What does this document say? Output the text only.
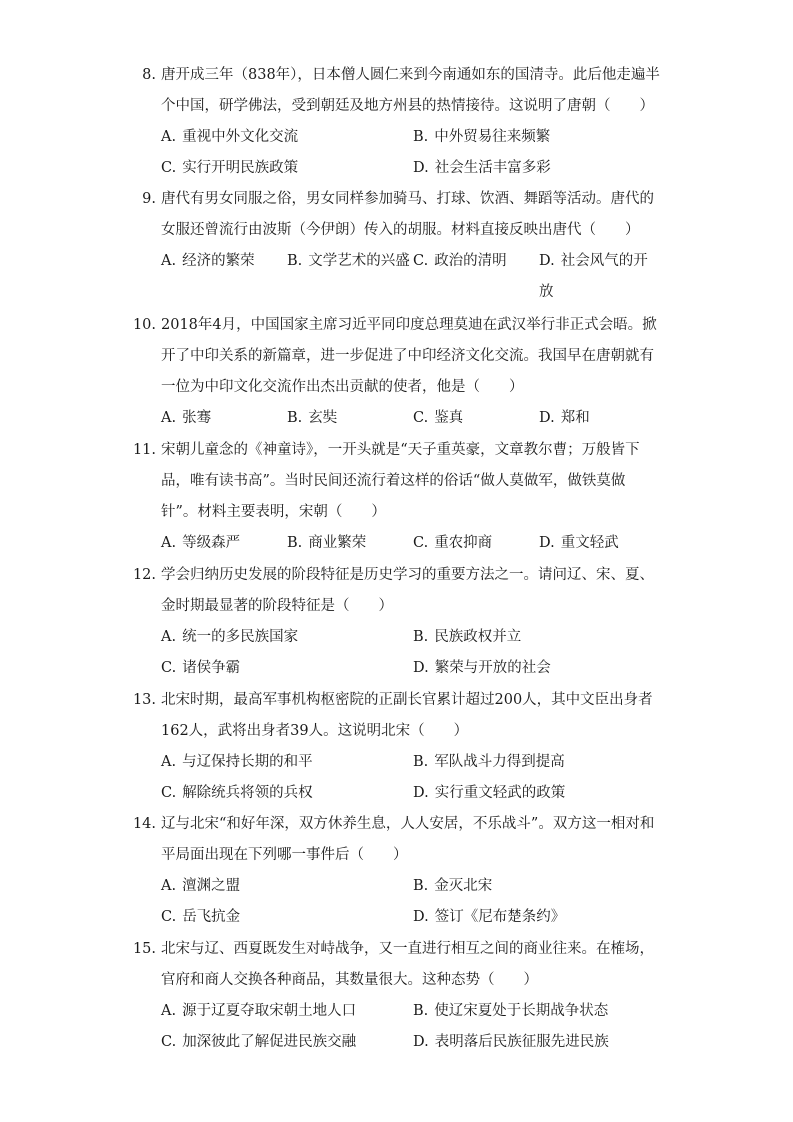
8. 唐开成三年（838年），日本僧人圆仁来到今南通如东的国清寺。此后他走遍半个中国，研学佛法，受到朝廷及地方州县的热情接待。这说明了唐朝（　　）
A. 重视中外文化交流	B. 中外贸易往来频繁
C. 实行开明民族政策	D. 社会生活丰富多彩
9. 唐代有男女同服之俗，男女同样参加骑马、打球、饮酒、舞蹈等活动。唐代的女服还曾流行由波斯（今伊朗）传入的胡服。材料直接反映出唐代（　　）
A. 经济的繁荣 B. 文学艺术的兴盛 C. 政治的清明 D. 社会风气的开放
10. 2018年4月，中国国家主席习近平同印度总理莫迪在武汉举行非正式会晤。掀开了中印关系的新篇章，进一步促进了中印经济文化交流。我国早在唐朝就有一位为中印文化交流作出杰出贡献的使者，他是（　　）
A. 张骞	B. 玄奘	C. 鉴真	D. 郑和
11. 宋朝儿童念的《神童诗》，一开头就是“天子重英豪，文章教尔曹；万般皆下品，唯有读书高”。当时民间还流行着这样的俗话“做人莫做军，做铁莫做针”。材料主要表明，宋朝（　　）
A. 等级森严	B. 商业繁荣	C. 重农抑商	D. 重文轻武
12. 学会归纳历史发展的阶段特征是历史学习的重要方法之一。请问辽、宋、夏、金时期最显著的阶段特征是（　　）
A. 统一的多民族国家	B. 民族政权并立
C. 诸侯争霸	D. 繁荣与开放的社会
13. 北宋时期，最高军事机构枢密院的正副长官累计超过200人，其中文臣出身者162人，武将出身者39人。这说明北宋（　　）
A. 与辽保持长期的和平	B. 军队战斗力得到提高
C. 解除统兵将领的兵权	D. 实行重文轻武的政策
14. 辽与北宋“和好年深，双方休养生息，人人安居，不乐战斗”。双方这一相对和平局面出现在下列哪一事件后（　　）
A. 澶渊之盟	B. 金灭北宋
C. 岳飞抗金	D. 签订《尼布楚条约》
15. 北宋与辽、西夏既发生对峙战争，又一直进行相互之间的商业往来。在榷场，官府和商人交换各种商品，其数量很大。这种态势（　　）
A. 源于辽夏夺取宋朝土地人口	B. 使辽宋夏处于长期战争状态
C. 加深彼此了解促进民族交融	D. 表明落后民族征服先进民族
